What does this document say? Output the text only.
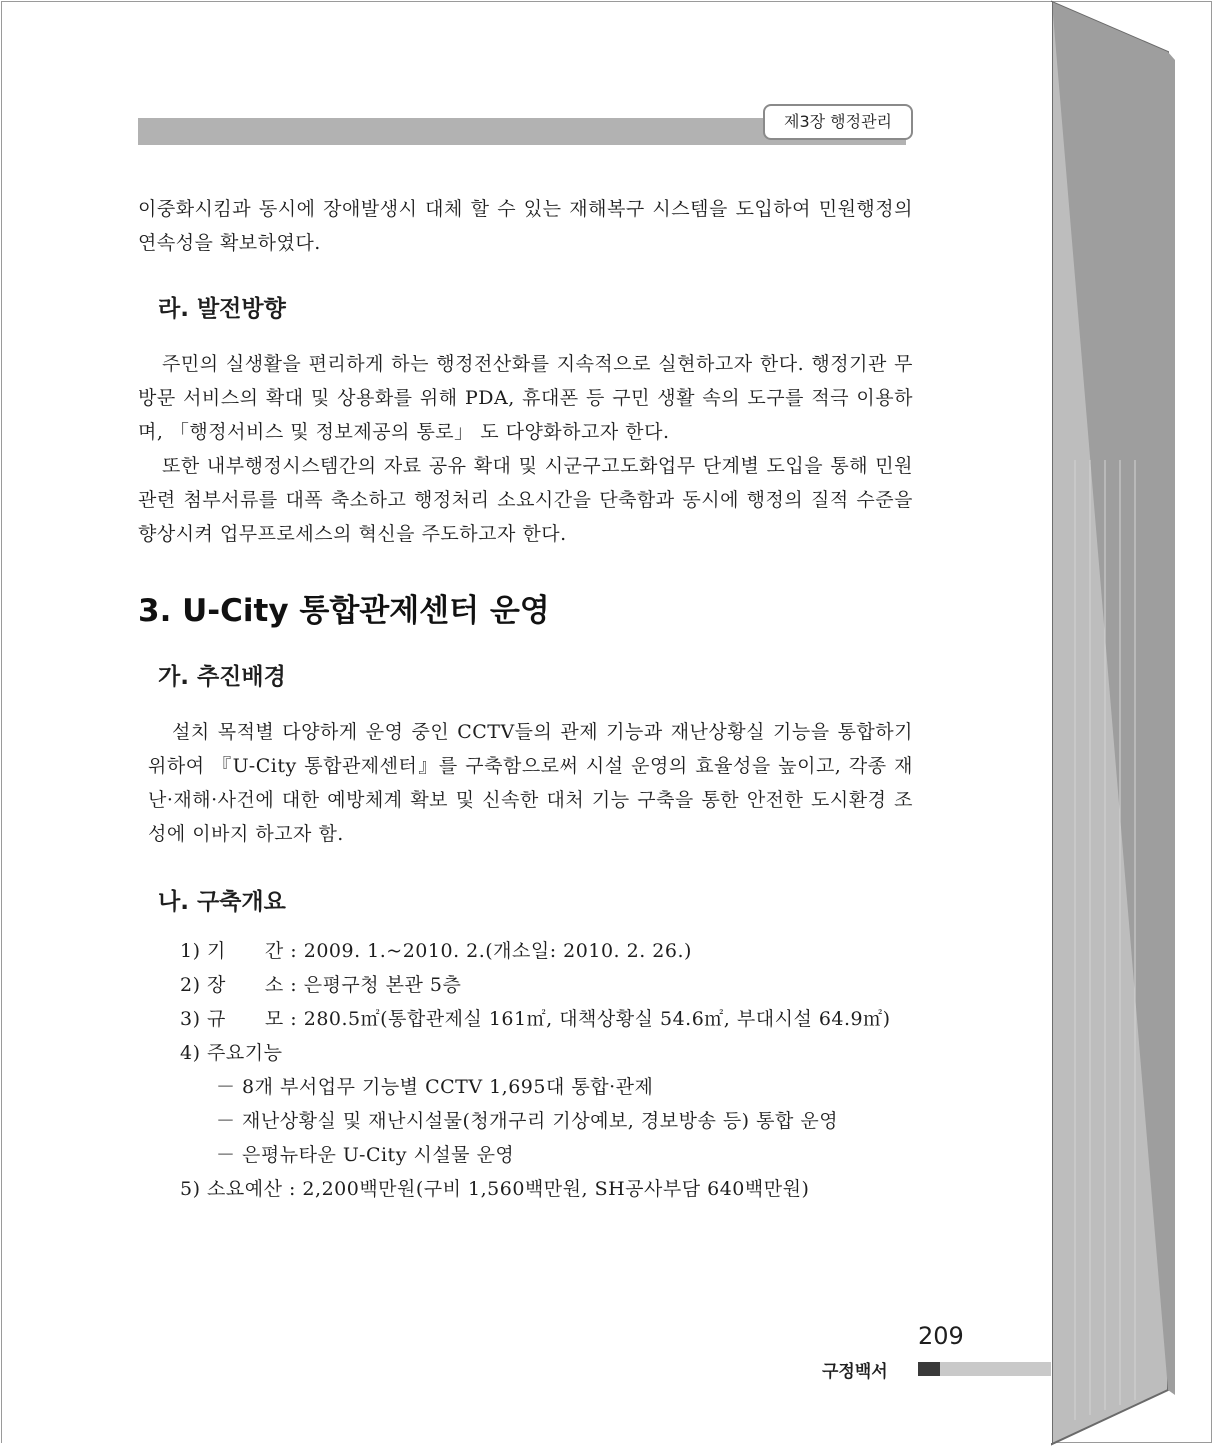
제3장 행정관리

이중화시킴과 동시에 장애발생시 대체 할 수 있는 재해복구 시스템을 도입하여 민원행정의 연속성을 확보하였다.

라. 발전방향

주민의 실생활을 편리하게 하는 행정전산화를 지속적으로 실현하고자 한다. 행정기관 무방문 서비스의 확대 및 상용화를 위해 PDA, 휴대폰 등 구민 생활 속의 도구를 적극 이용하며, 「행정서비스 및 정보제공의 통로」 도 다양화하고자 한다.

또한 내부행정시스템간의 자료 공유 확대 및 시군구고도화업무 단계별 도입을 통해 민원관련 첨부서류를 대폭 축소하고 행정처리 소요시간을 단축함과 동시에 행정의 질적 수준을 향상시켜 업무프로세스의 혁신을 주도하고자 한다.

3. U-City 통합관제센터 운영
가. 추진배경

설치 목적별 다양하게 운영 중인 CCTV들의 관제 기능과 재난상황실 기능을 통합하기 위하여 『U-City 통합관제센터』를 구축함으로써 시설 운영의 효율성을 높이고, 각종 재난·재해·사건에 대한 예방체계 확보 및 신속한 대처 기능 구축을 통한 안전한 도시환경 조성에 이바지 하고자 함.

나. 구축개요
1) 기　　간 : 2009. 1.~2010. 2.(개소일: 2010. 2. 26.)
2) 장　　소 : 은평구청 본관 5층
3) 규　　모 : 280.5㎡(통합관제실 161㎡, 대책상황실 54.6㎡, 부대시설 64.9㎡)
4) 주요기능
－ 8개 부서업무 기능별 CCTV 1,695대 통합·관제
－ 재난상황실 및 재난시설물(청개구리 기상예보, 경보방송 등) 통합 운영
－ 은평뉴타운 U-City 시설물 운영
5) 소요예산 : 2,200백만원(구비 1,560백만원, SH공사부담 640백만원)
209
구정백서
